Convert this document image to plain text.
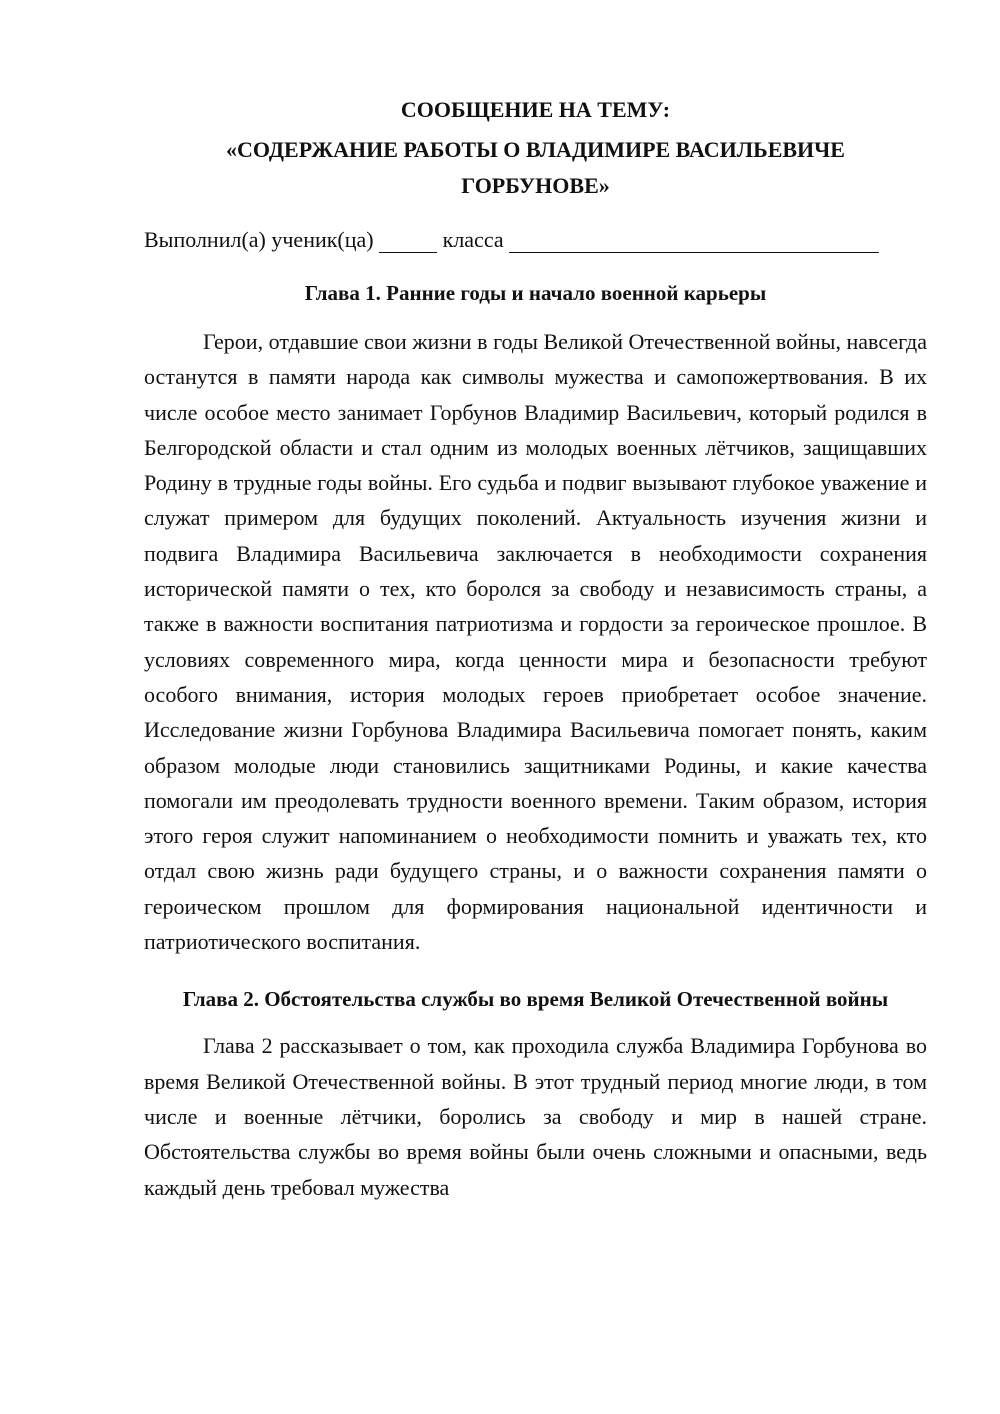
СООБЩЕНИЕ НА ТЕМУ:
«СОДЕРЖАНИЕ РАБОТЫ О ВЛАДИМИРЕ ВАСИЛЬЕВИЧЕ ГОРБУНОВЕ»
Выполнил(а) ученик(ца)	класса
Глава 1. Ранние годы и начало военной карьеры

Герои, отдавшие свои жизни в годы Великой Отечественной войны, навсегда останутся в памяти народа как символы мужества и самопожертвования. В их числе особое место занимает Горбунов Владимир Васильевич, который родился в Белгородской области и стал одним из молодых военных лётчиков, защищавших Родину в трудные годы войны. Его судьба и подвиг вызывают глубокое уважение и служат примером для будущих поколений. Актуальность изучения жизни и подвига Владимира Васильевича заключается в необходимости сохранения исторической памяти о тех, кто боролся за свободу и независимость страны, а также в важности воспитания патриотизма и гордости за героическое прошлое. В условиях современного мира, когда ценности мира и безопасности требуют особого внимания, история молодых героев приобретает особое значение. Исследование жизни Горбунова Владимира Васильевича помогает понять, каким образом молодые люди становились защитниками Родины, и какие качества помогали им преодолевать трудности военного времени. Таким образом, история этого героя служит напоминанием о необходимости помнить и уважать тех, кто отдал свою жизнь ради будущего страны, и о важности сохранения памяти о героическом прошлом для формирования национальной идентичности и патриотического воспитания.

Глава 2. Обстоятельства службы во время Великой Отечественной войны

Глава 2 рассказывает о том, как проходила служба Владимира Горбунова во время Великой Отечественной войны. В этот трудный период многие люди, в том числе и военные лётчики, боролись за свободу и мир в нашей стране. Обстоятельства службы во время войны были очень сложными и опасными, ведь каждый день требовал мужества
